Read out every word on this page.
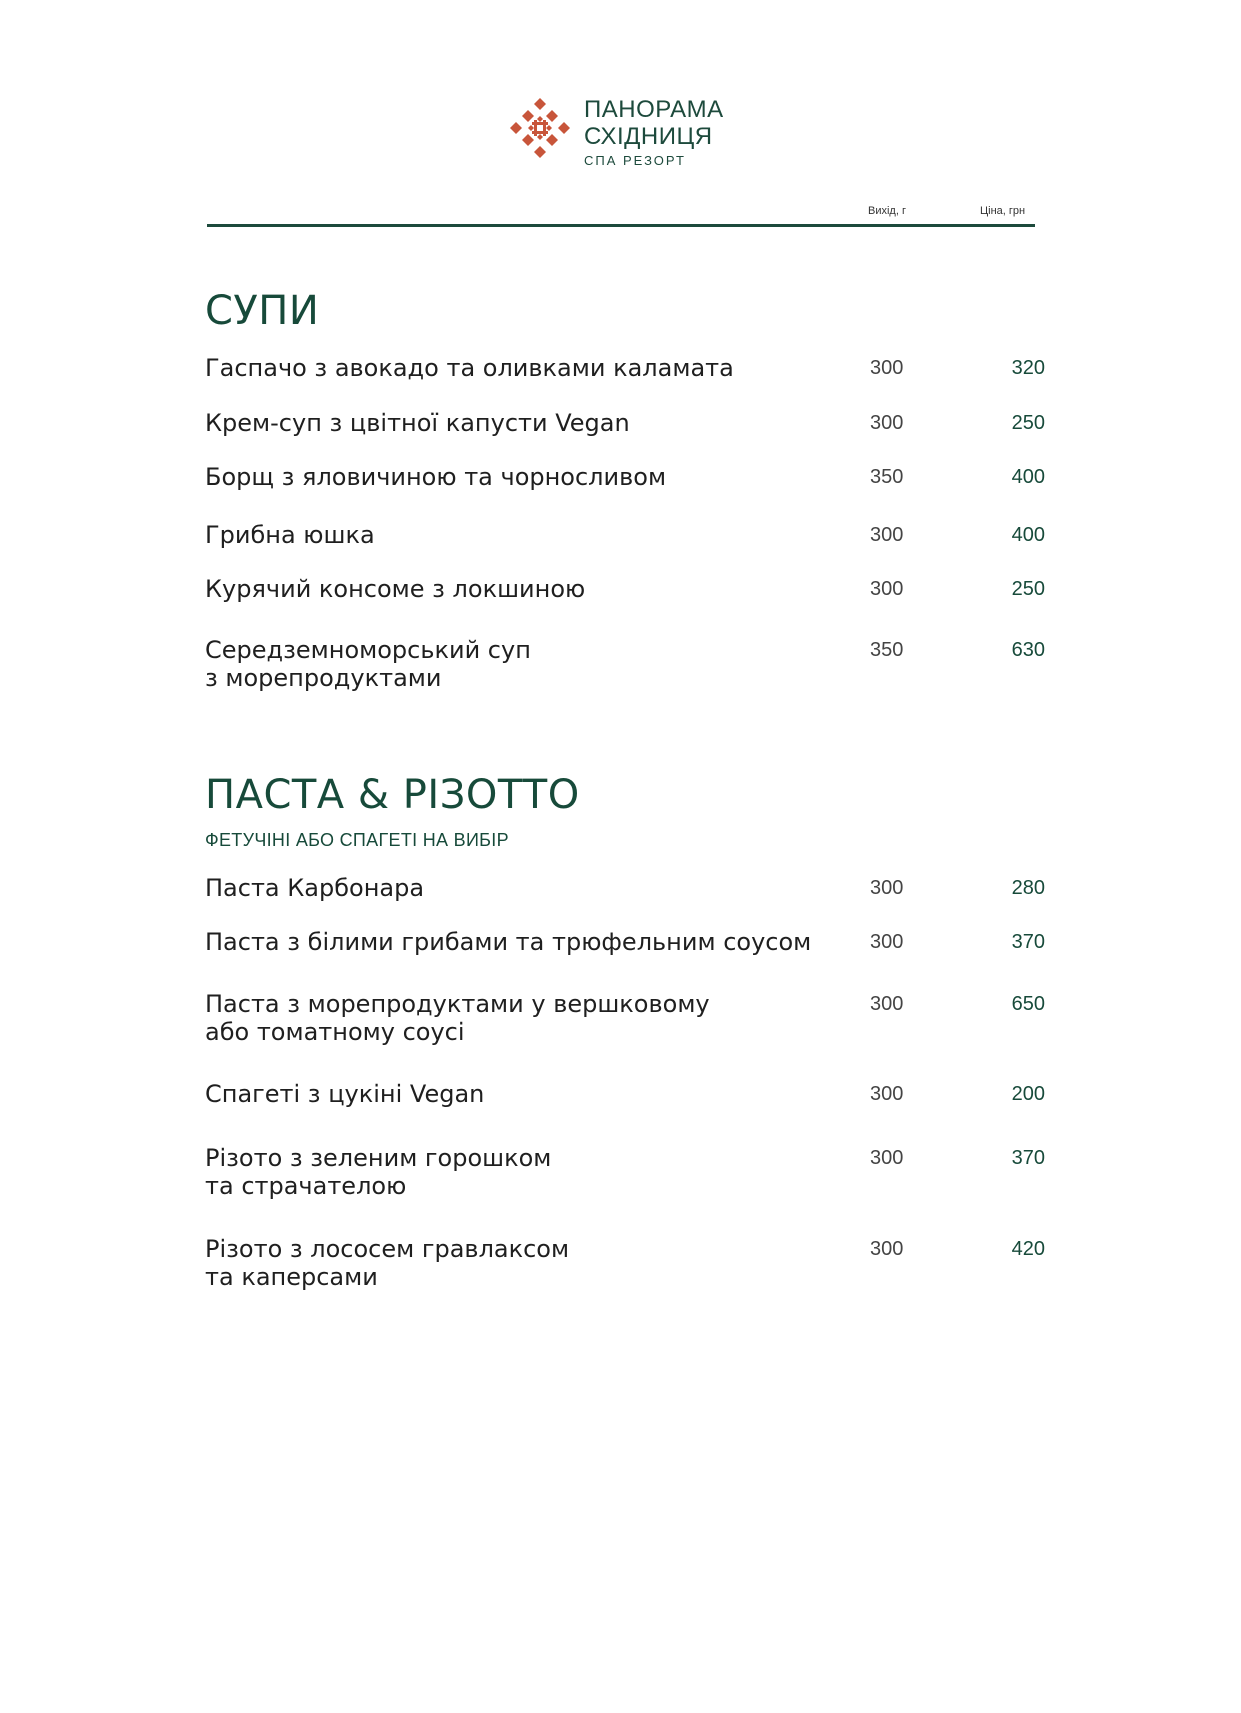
ПАНОРАМА
СХІДНИЦЯ
СПА РЕЗОРТ
Вихід, г	Ціна, грн
СУПИ
Гаспачо з авокадо та оливками каламата	300	320
Крем-суп з цвітної капусти Vegan	300	250
Борщ з яловичиною та чорносливом	350	400
Грибна юшка	300	400
Курячий консоме з локшиною	300	250
Середземноморський суп
з морепродуктами
350	630
ПАСТА & РІЗОТТО
ФЕТУЧІНІ АБО СПАГЕТІ НА ВИБІР
Паста Карбонара	300	280
Паста з білими грибами та трюфельним соусом	300	370
Паста з морепродуктами у вершковому
або томатному соусі
300	650
Спагеті з цукіні Vegan	300	200
Різото з зеленим горошком
та страчателою
300	370
Різото з лососем гравлаксом
та каперсами
300	420
